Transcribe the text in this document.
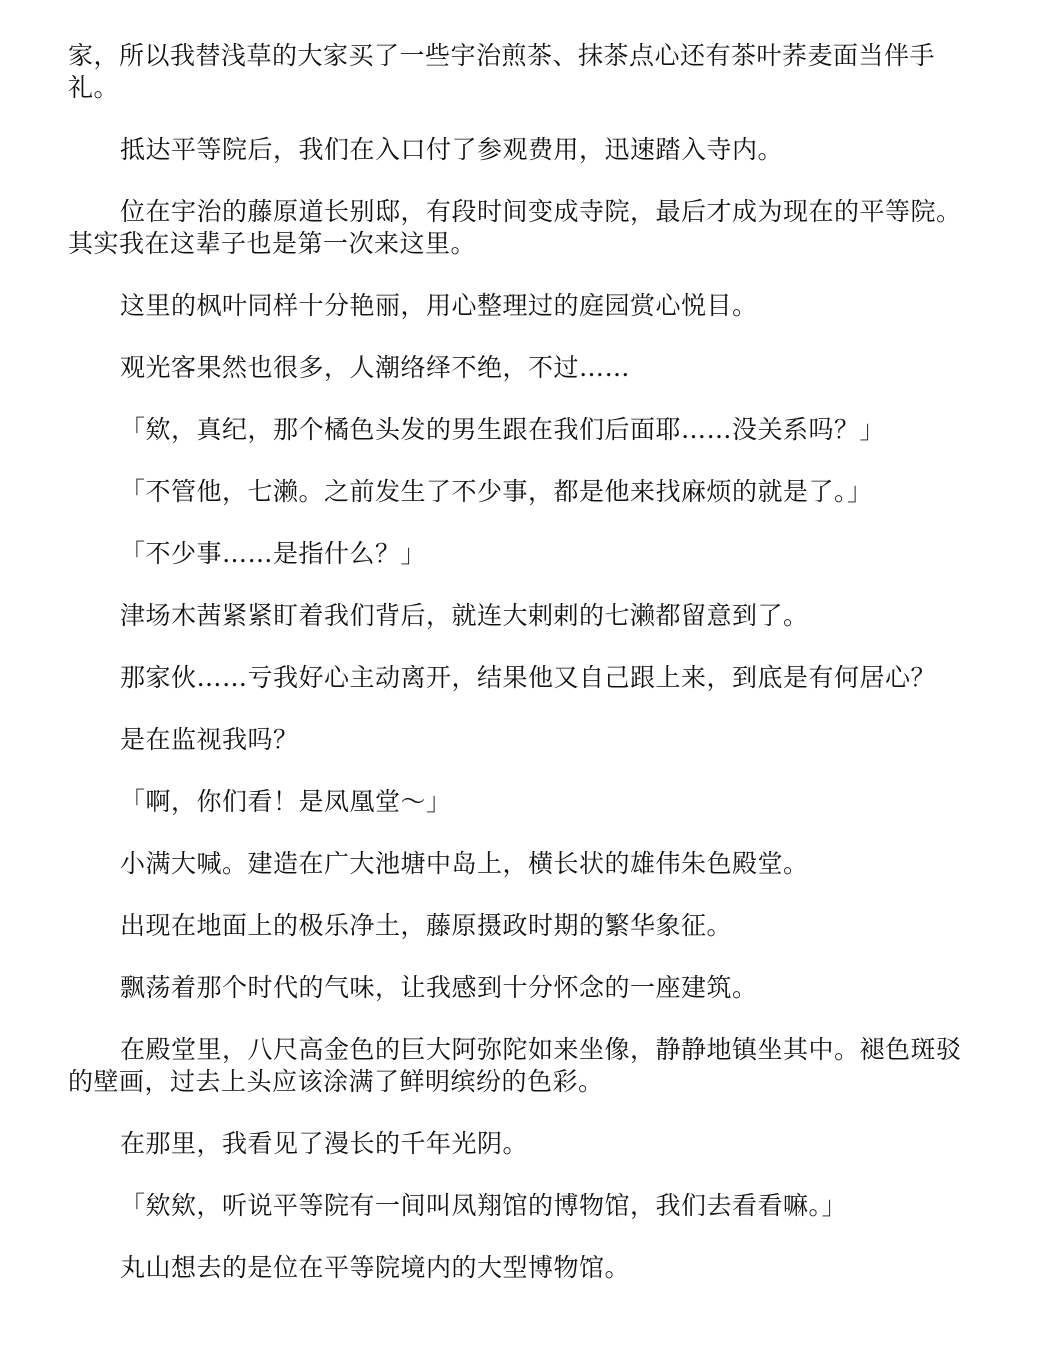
家，所以我替浅草的大家买了一些宇治煎茶、抹茶点心还有茶叶荞麦面当伴手礼。

抵达平等院后，我们在入口付了参观费用，迅速踏入寺内。

位在宇治的藤原道长别邸，有段时间变成寺院，最后才成为现在的平等院。其实我在这辈子也是第一次来这里。

这里的枫叶同样十分艳丽，用心整理过的庭园赏心悦目。

观光客果然也很多，人潮络绎不绝，不过……

「欸，真纪，那个橘色头发的男生跟在我们后面耶……没关系吗？」

「不管他，七濑。之前发生了不少事，都是他来找麻烦的就是了。」

「不少事……是指什么？」

津场木茜紧紧盯着我们背后，就连大剌剌的七濑都留意到了。

那家伙……亏我好心主动离开，结果他又自己跟上来，到底是有何居心？

是在监视我吗？

「啊，你们看！是凤凰堂～」

小满大喊。建造在广大池塘中岛上，横长状的雄伟朱色殿堂。

出现在地面上的极乐净土，藤原摄政时期的繁华象征。

飘荡着那个时代的气味，让我感到十分怀念的一座建筑。

在殿堂里，八尺高金色的巨大阿弥陀如来坐像，静静地镇坐其中。褪色斑驳的壁画，过去上头应该涂满了鲜明缤纷的色彩。

在那里，我看见了漫长的千年光阴。

「欸欸，听说平等院有一间叫凤翔馆的博物馆，我们去看看嘛。」

丸山想去的是位在平等院境内的大型博物馆。
